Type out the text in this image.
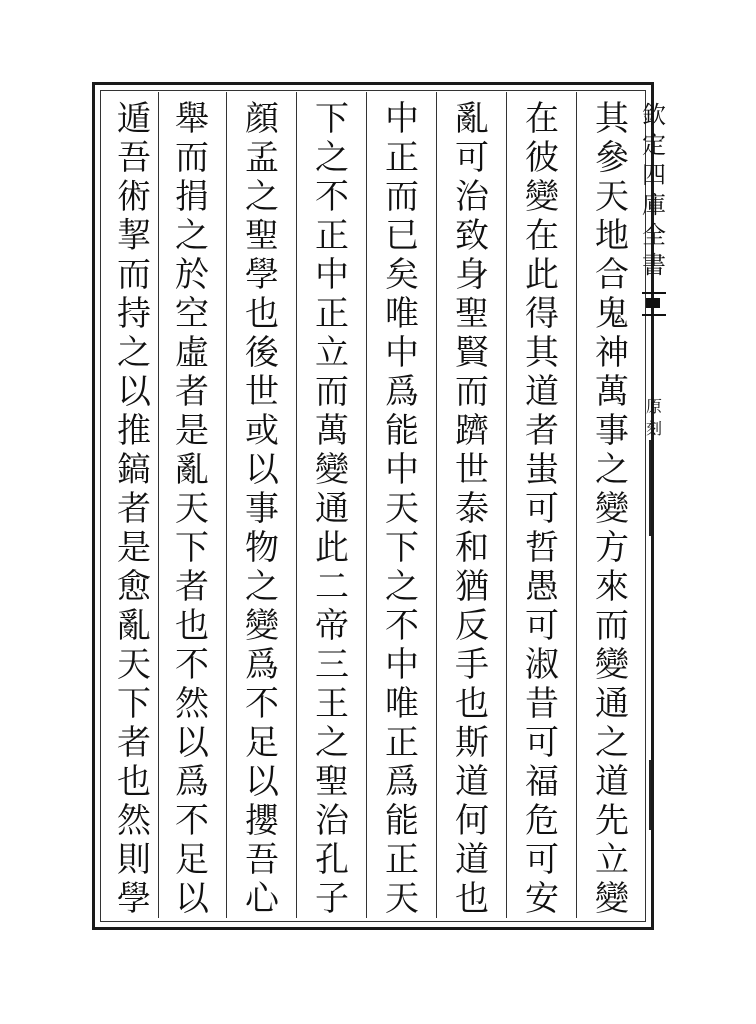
欽
定
四
庫
全
書
原
刻
其
參
天
地
合
鬼
神
萬
事
之
變
方
來
而
變
通
之
道
先
立
變
在
彼
變
在
此
得
其
道
者
蚩
可
哲
愚
可
淑
昔
可
福
危
可
安
亂
可
治
致
身
聖
賢
而
躋
世
泰
和
猶
反
手
也
斯
道
何
道
也
中
正
而
已
矣
唯
中
爲
能
中
天
下
之
不
中
唯
正
爲
能
正
天
下
之
不
正
中
正
立
而
萬
變
通
此
二
帝
三
王
之
聖
治
孔
子
顔
孟
之
聖
學
也
後
世
或
以
事
物
之
變
爲
不
足
以
攖
吾
心
舉
而
捐
之
於
空
虛
者
是
亂
天
下
者
也
不
然
以
爲
不
足
以
遁
吾
術
挈
而
持
之
以
推
鎬
者
是
愈
亂
天
下
者
也
然
則
學
